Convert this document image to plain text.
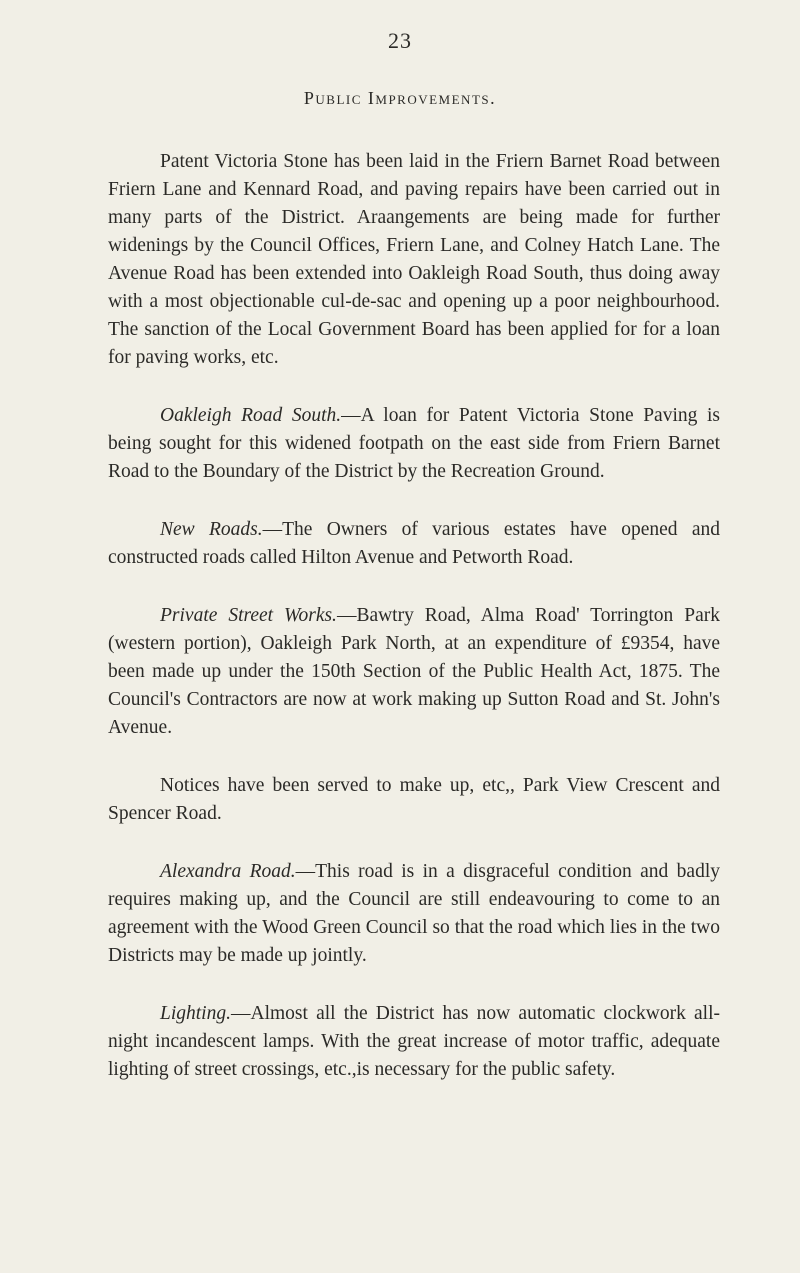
23
Public Improvements.

Patent Victoria Stone has been laid in the Friern Barnet Road between Friern Lane and Kennard Road, and paving repairs have been carried out in many parts of the District. Araangements are being made for further widenings by the Council Offices, Friern Lane, and Colney Hatch Lane. The Avenue Road has been extended into Oakleigh Road South, thus doing away with a most objectionable cul-de-sac and opening up a poor neighbourhood. The sanction of the Local Government Board has been applied for for a loan for paving works, etc.

Oakleigh Road South.—A loan for Patent Victoria Stone Paving is being sought for this widened footpath on the east side from Friern Barnet Road to the Boundary of the District by the Recreation Ground.

New Roads.—The Owners of various estates have opened and constructed roads called Hilton Avenue and Petworth Road.

Private Street Works.—Bawtry Road, Alma Road' Torrington Park (western portion), Oakleigh Park North, at an expenditure of £9354, have been made up under the 150th Section of the Public Health Act, 1875. The Council's Contractors are now at work making up Sutton Road and St. John's Avenue.

Notices have been served to make up, etc,, Park View Crescent and Spencer Road.

Alexandra Road.—This road is in a disgraceful condition and badly requires making up, and the Council are still endeavouring to come to an agreement with the Wood Green Council so that the road which lies in the two Districts may be made up jointly.

Lighting.—Almost all the District has now automatic clockwork all-night incandescent lamps. With the great increase of motor traffic, adequate lighting of street crossings, etc.,is necessary for the public safety.
